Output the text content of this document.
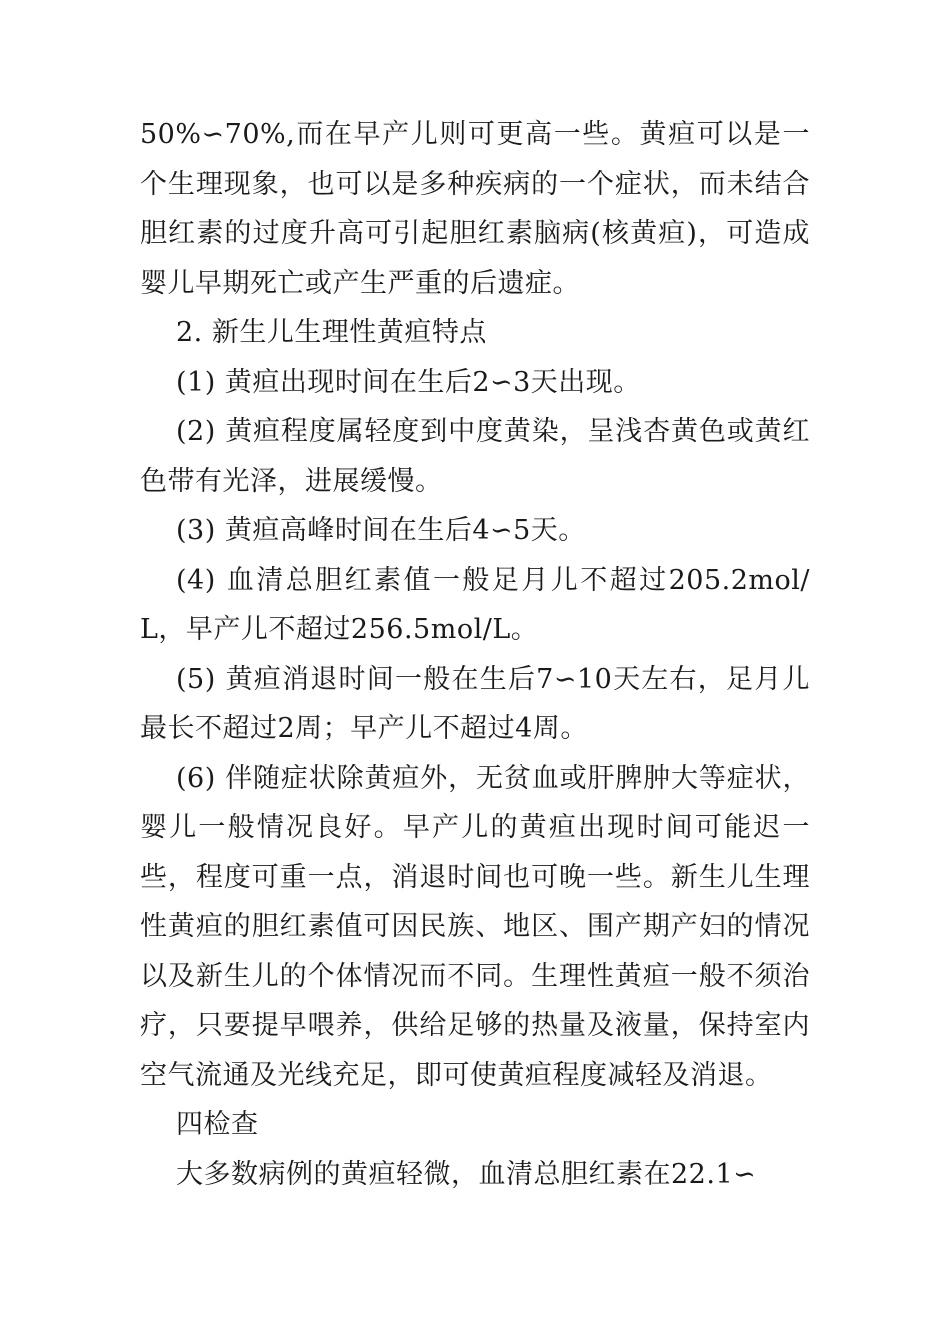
50%∽70%,而在早产儿则可更高一些。黄疸可以是一个生理现象，也可以是多种疾病的一个症状，而未结合胆红素的过度升高可引起胆红素脑病(核黄疸)，可造成婴儿早期死亡或产生严重的后遗症。

2. 新生儿生理性黄疸特点

(1) 黄疸出现时间在生后2∽3天出现。

(2) 黄疸程度属轻度到中度黄染，呈浅杏黄色或黄红色带有光泽，进展缓慢。

(3) 黄疸高峰时间在生后4∽5天。

(4) 血清总胆红素值一般足月儿不超过205.2mol/L，早产儿不超过256.5mol/L。

(5) 黄疸消退时间一般在生后7∽10天左右，足月儿最长不超过2周；早产儿不超过4周。

(6) 伴随症状除黄疸外，无贫血或肝脾肿大等症状，婴儿一般情况良好。早产儿的黄疸出现时间可能迟一些，程度可重一点，消退时间也可晚一些。新生儿生理性黄疸的胆红素值可因民族、地区、围产期产妇的情况以及新生儿的个体情况而不同。生理性黄疸一般不须治疗，只要提早喂养，供给足够的热量及液量，保持室内空气流通及光线充足，即可使黄疸程度减轻及消退。

四检查

大多数病例的黄疸轻微，血清总胆红素在22.1∽
